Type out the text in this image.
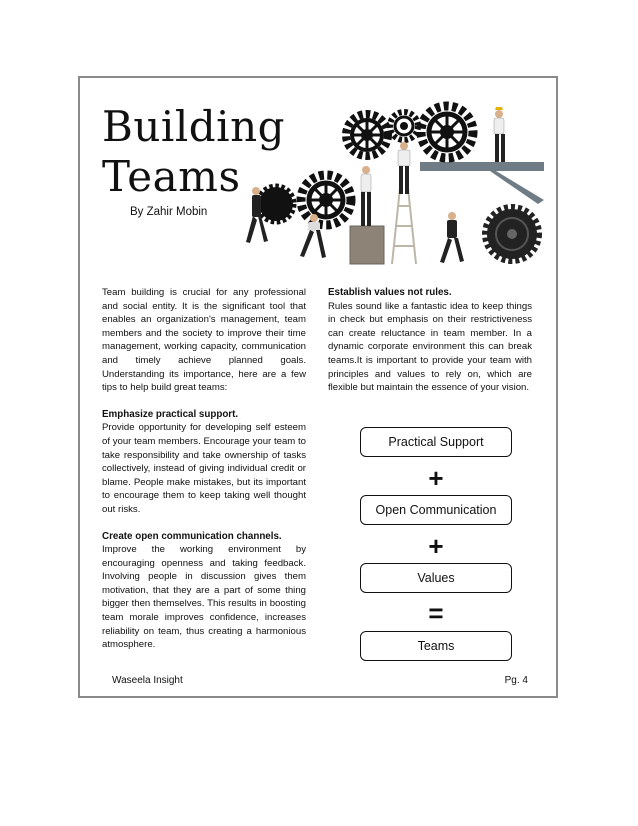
Building
Teams
By Zahir Mobin

Team building is crucial for any professional and social entity. It is the significant tool that enables an organization's management, team members and the society to improve their time management, working capacity, communication and timely achieve planned goals. Understanding its importance, here are a few tips to help build great teams:

Emphasize practical support.

Provide opportunity for developing self esteem of your team members. Encourage your team to take responsibility and take ownership of tasks collectively, instead of giving individual credit or blame. People make mistakes, but its important to encourage them to keep taking well thought out risks.

Create open communication channels.

Improve the working environment by encouraging openness and taking feedback. Involving people in discussion gives them motivation, that they are a part of some thing bigger then themselves. This results in boosting team morale improves confidence, increases reliability on team, thus creating a harmonious atmosphere.

Establish values not rules.

Rules sound like a fantastic idea to keep things in check but emphasis on their restrictiveness can create reluctance in team member. In a dynamic corporate environment this can break teams.It is important to provide your team with principles and values to rely on, which are flexible but maintain the essence of your vision.

Practical Support
+
Open Communication
+
Values
=
Teams
Waseela Insight	Pg. 4
